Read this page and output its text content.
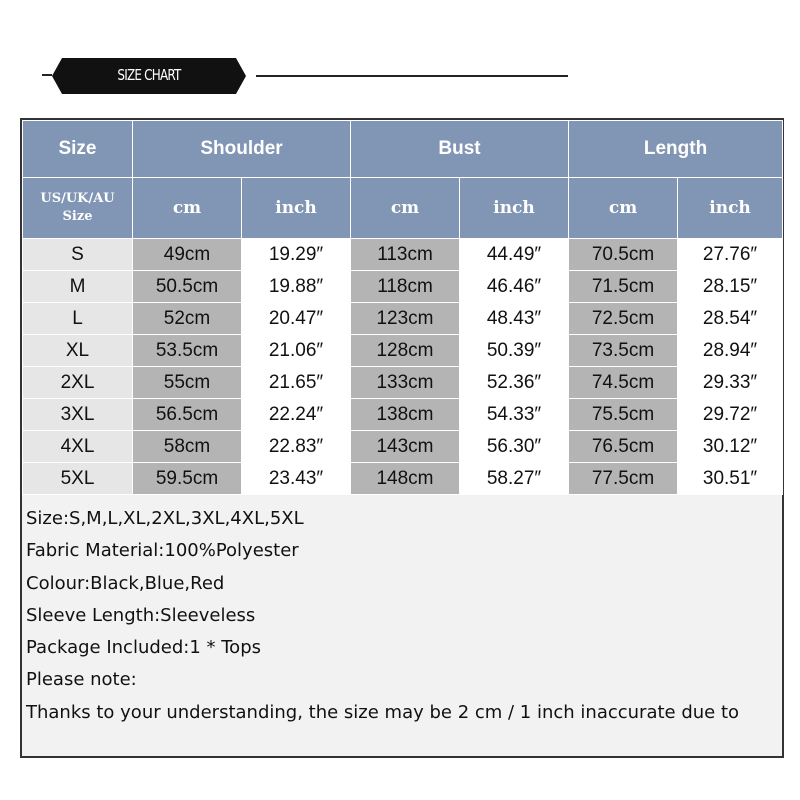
SIZE CHART
Size	Shoulder		Bust		Length	

US/UK/AU
Size	cm	inch	cm	inch	cm	inch
S	49cm	19.29″	113cm	44.49″	70.5cm	27.76″
M	50.5cm	19.88″	118cm	46.46″	71.5cm	28.15″
L	52cm	20.47″	123cm	48.43″	72.5cm	28.54″
XL	53.5cm	21.06″	128cm	50.39″	73.5cm	28.94″
2XL	55cm	21.65″	133cm	52.36″	74.5cm	29.33″
3XL	56.5cm	22.24″	138cm	54.33″	75.5cm	29.72″
4XL	58cm	22.83″	143cm	56.30″	76.5cm	30.12″
5XL	59.5cm	23.43″	148cm	58.27″	77.5cm	30.51″
Size:S,M,L,XL,2XL,3XL,4XL,5XL
Fabric Material:100%Polyester
Colour:Black,Blue,Red
Sleeve Length:Sleeveless
Package Included:1 * Tops
Please note:
Thanks to your understanding, the size may be 2 cm / 1 inch inaccurate due to
